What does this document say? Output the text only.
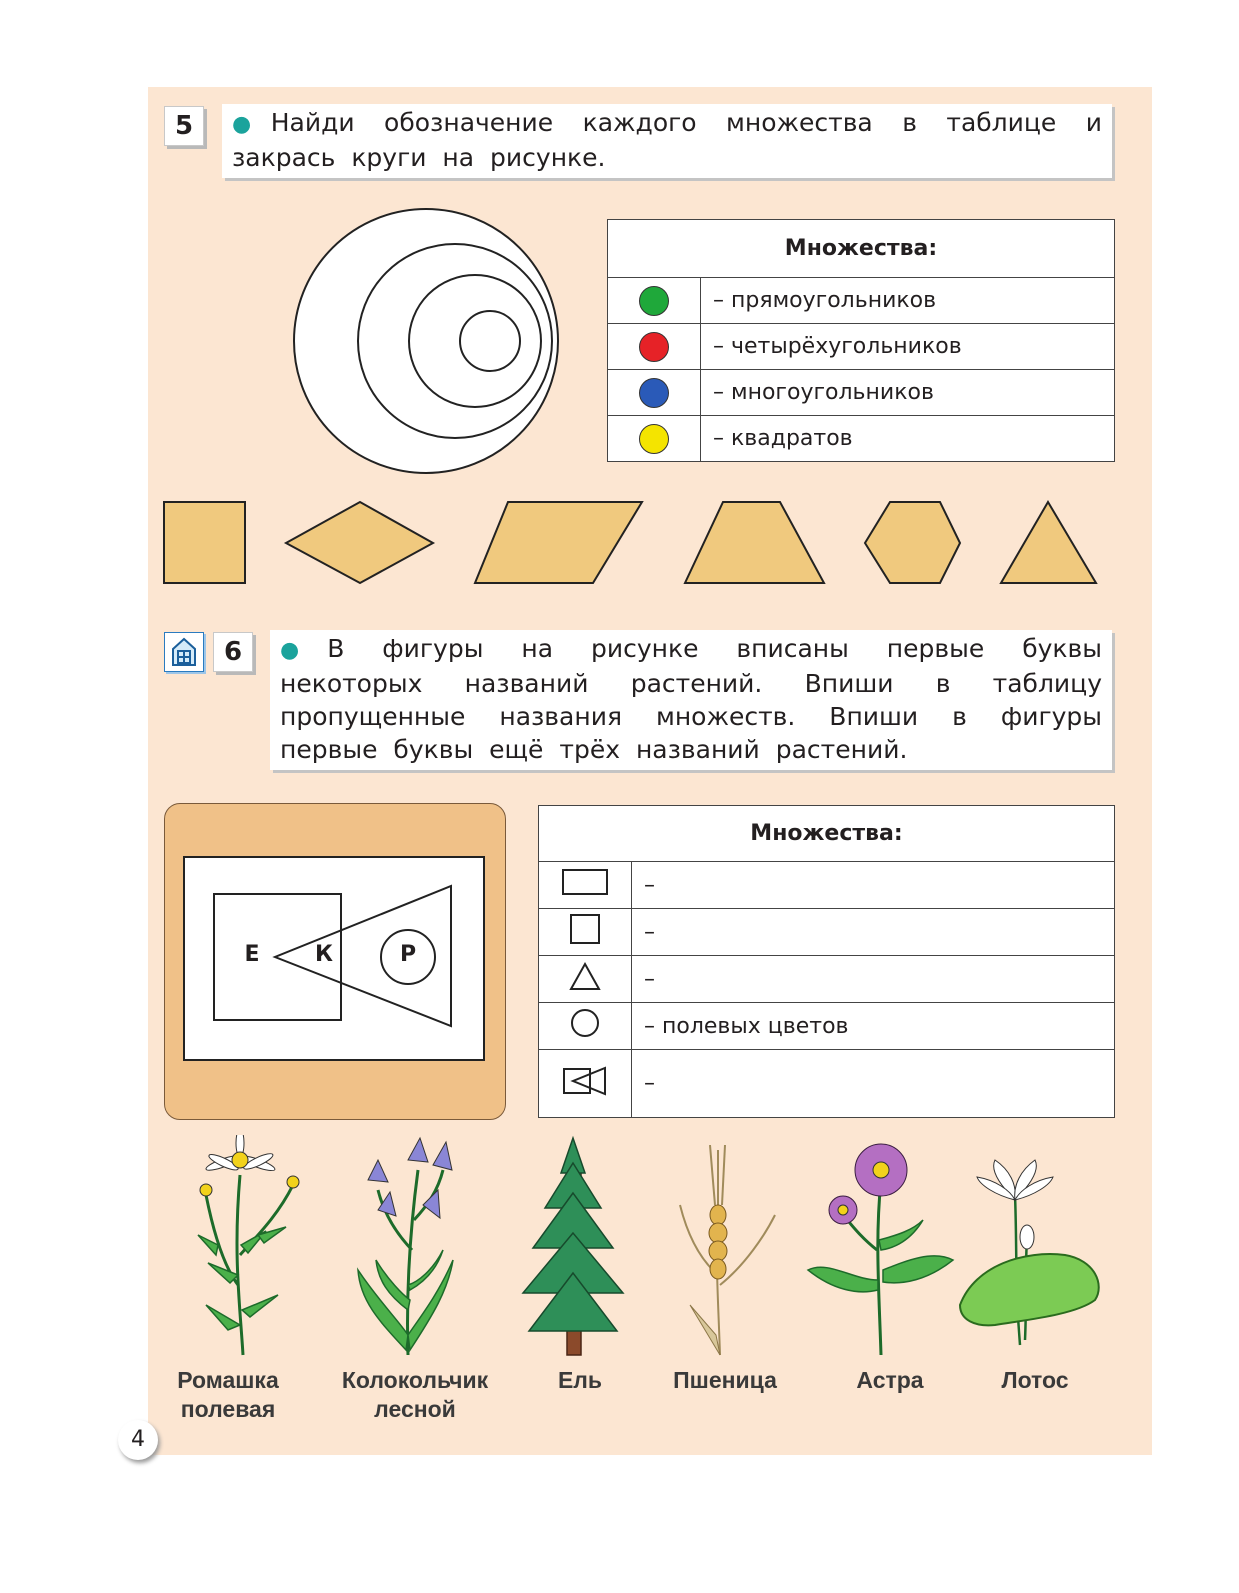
5	● Найди обозначение каждого множества в таблице и закрась круги на рисунке.
Множества:	
	– прямоугольников
	– четырёхугольников
	– многоугольников
	– квадратов
6	● В фигуры на рисунке вписаны первые буквы некоторых названий растений. Впиши в таблицу пропущенные названия множеств. Впиши в фигуры первые буквы ещё трёх названий растений.
Е	К	Р
Множества:	
	–
	–
	–
	– полевых цветов
	–
Ромашка
полевая
Колокольчик
лесной
Ель	Пшеница	Астра	Лотос
4
